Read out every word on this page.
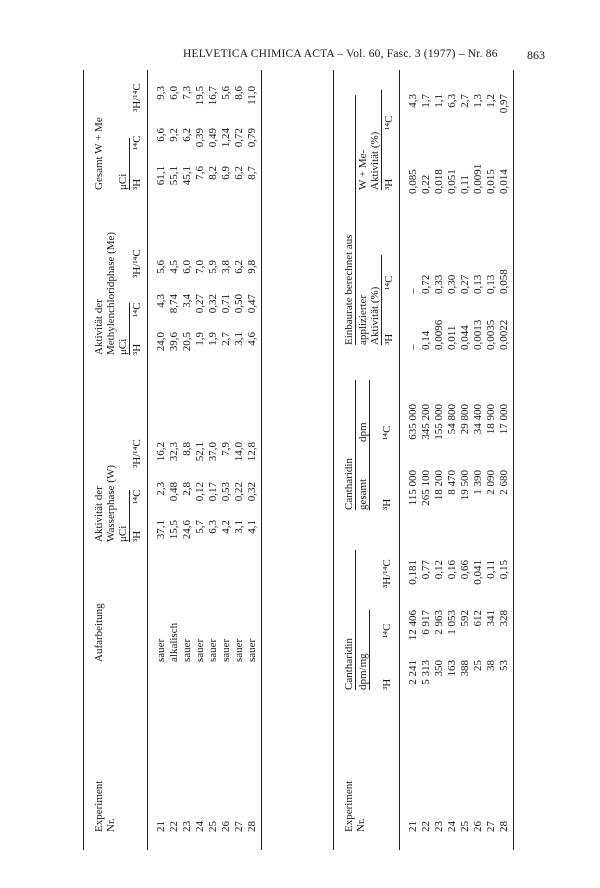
HELVETICA CHIMICA ACTA – Vol. 60, Fasc. 3 (1977) – Nr. 86 863
Experiment Nr.
Aufarbeitung
Aktivität der Wasserphase (W) μCi ³H
¹⁴C
³H/¹⁴C
Aktivität der Methylenchloridphase (Me) μCi ³H
¹⁴C
³H/¹⁴C
Gesamt W + Me μCi ³H
¹⁴C
³H/¹⁴C
21 22 23 24 25 26 27 28
sauer alkalisch sauer sauer sauer sauer sauer sauer
37,1 15,5 24,6 5,7 6,3 4,2 3,1 4,1
2,3 0,48 2,8 0,12 0,17 0,53 0,22 0,32
16,2 32,3 8,8 52,1 37,0 7,9 14,0 12,8
24,0 39,6 20,5 1,9 1,9 2,7 3,1 4,6
4,3 8,74 3,4 0,27 0,32 0,71 0,50 0,47
5,6 4,5 6,0 7,0 5,9 3,8 6,2 9,8
61,1 55,1 45,1 7,6 8,2 6,9 6,2 8,7
6,6 9,2 6,2 0,39 0,49 1,24 0,72 0,79
9,3 6,0 7,3 19,5 16,7 5,6 8,6 11,0
Experiment Nr.
Cantharidin dpm/mg ³H
¹⁴C
³H/¹⁴C
Cantharidin gesamt
dpm
³H
¹⁴C
Einbaurate berechnet aus applizierter Aktivität (%) ³H
¹⁴C
W + Me- Aktivität (%) ³H
¹⁴C
21 22 23 24 25 26 27 28
2 241 5 313 350 163 388 25 38 53
12 406 6 917 2 963 1 053 592 612 341 328
0,181 0,77 0,12 0,16 0,66 0,041 0,11 0,15
115 000 265 100 18 200 8 470 19 500 1 390 2 090 2 680
635 000 345 200 155 000 54 800 29 800 34 400 18 900 17 000
– 0,14 0,0096 0,011 0,044 0,0013 0,0035 0,0022
– 0,72 0,33 0,30 0,27 0,13 0,13 0,058
0,085 0,22 0,018 0,051 0,11 0,0091 0,015 0,014
4,3 1,7 1,1 6,3 2,7 1,3 1,2 0,97
